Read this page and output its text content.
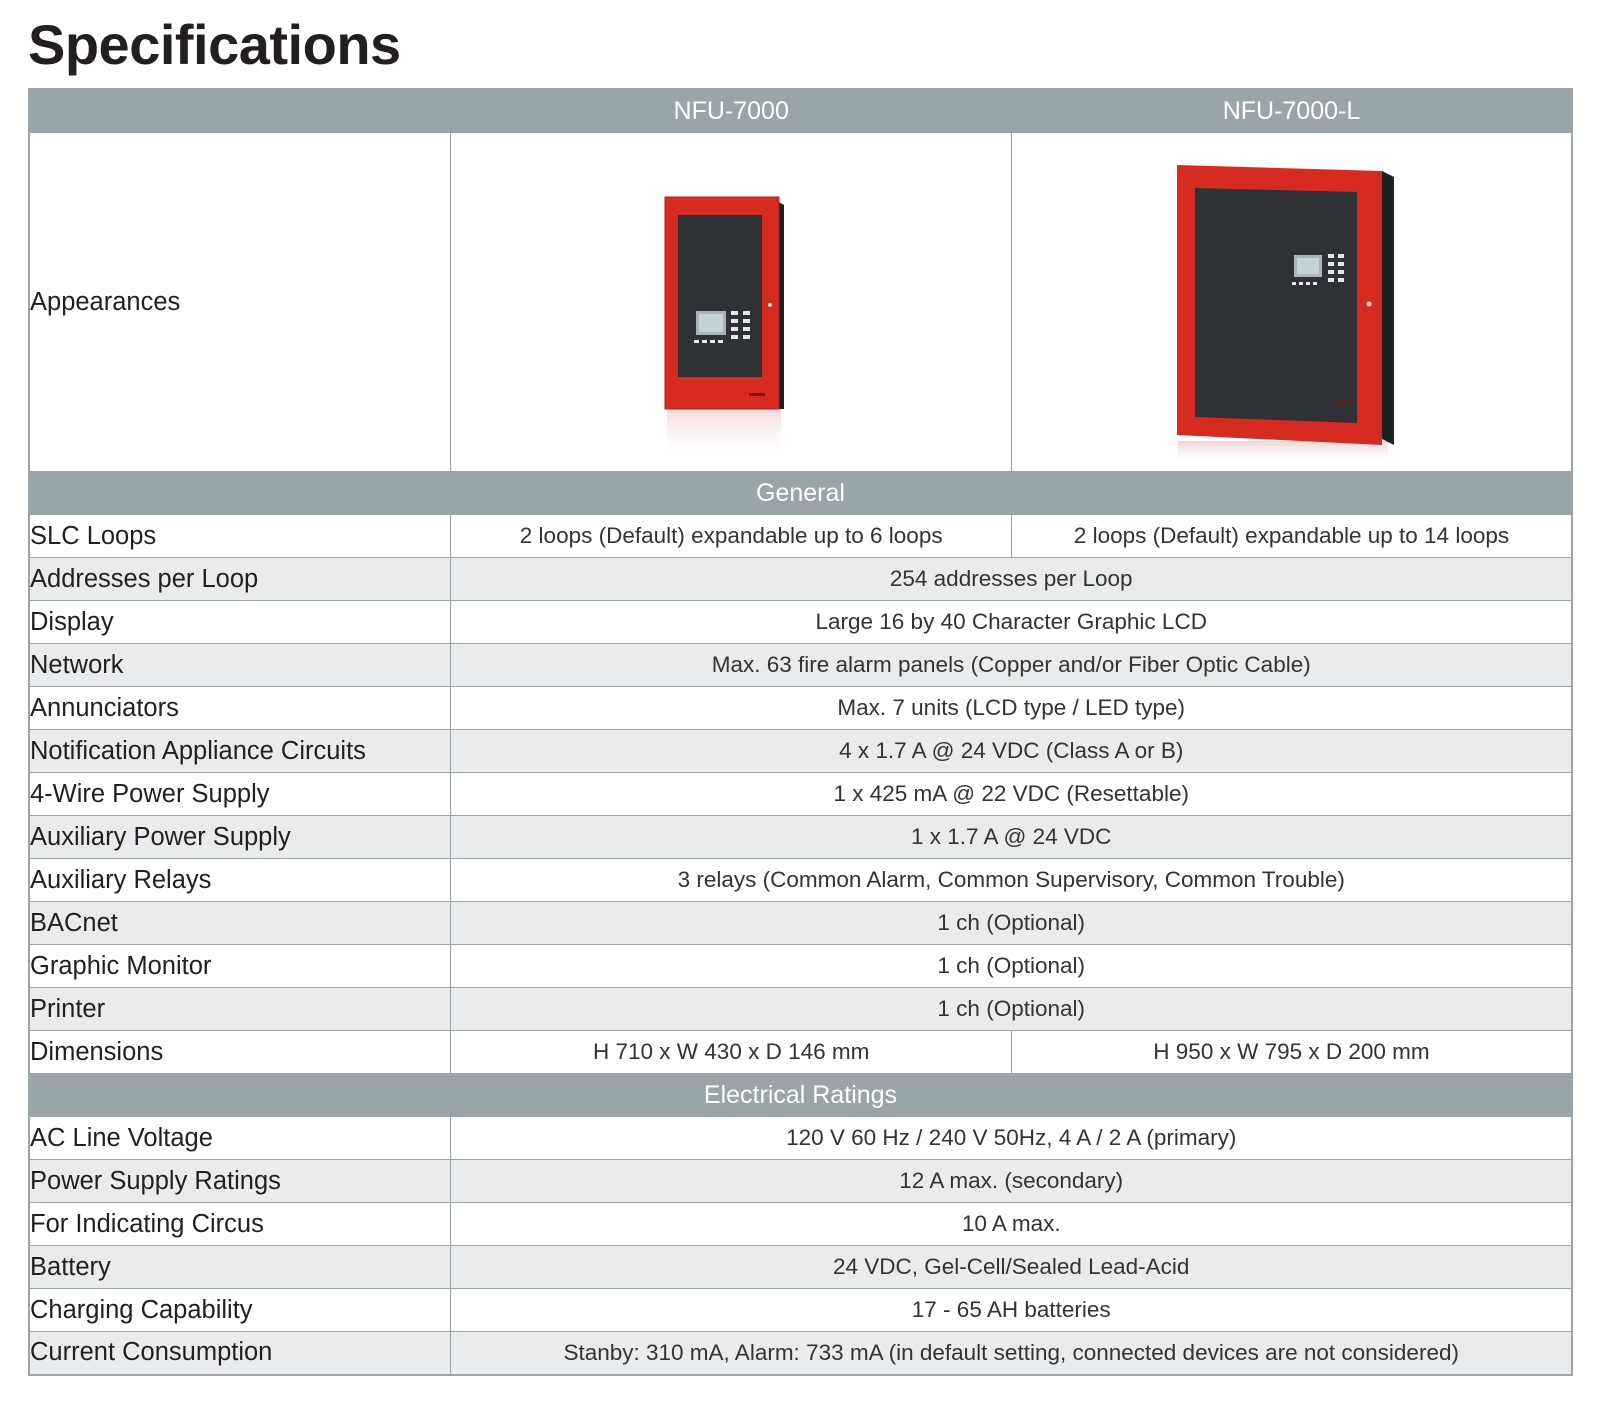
Specifications
	NFU-7000	NFU-7000-L
Appearances		
General		
SLC Loops	2 loops (Default) expandable up to 6 loops	2 loops (Default) expandable up to 14 loops
Addresses per Loop	254 addresses per Loop	
Display	Large 16 by 40 Character Graphic LCD	
Network	Max. 63 fire alarm panels (Copper and/or Fiber Optic Cable)	
Annunciators	Max. 7 units (LCD type / LED type)	
Notification Appliance Circuits	4 x 1.7 A @ 24 VDC (Class A or B)	
4-Wire Power Supply	1 x 425 mA @ 22 VDC (Resettable)	
Auxiliary Power Supply	1 x 1.7 A @ 24 VDC	
Auxiliary Relays	3 relays (Common Alarm, Common Supervisory, Common Trouble)	
BACnet	1 ch (Optional)	
Graphic Monitor	1 ch (Optional)	
Printer	1 ch (Optional)	
Dimensions	H 710 x W 430 x D 146 mm	H 950 x W 795 x D 200 mm
Electrical Ratings		
AC Line Voltage	120 V 60 Hz / 240 V 50Hz, 4 A / 2 A (primary)	
Power Supply Ratings	12 A max. (secondary)	
For Indicating Circus	10 A max.	
Battery	24 VDC, Gel-Cell/Sealed Lead-Acid	
Charging Capability	17 - 65 AH batteries	
Current Consumption	Stanby: 310 mA, Alarm: 733 mA (in default setting, connected devices are not considered)	
